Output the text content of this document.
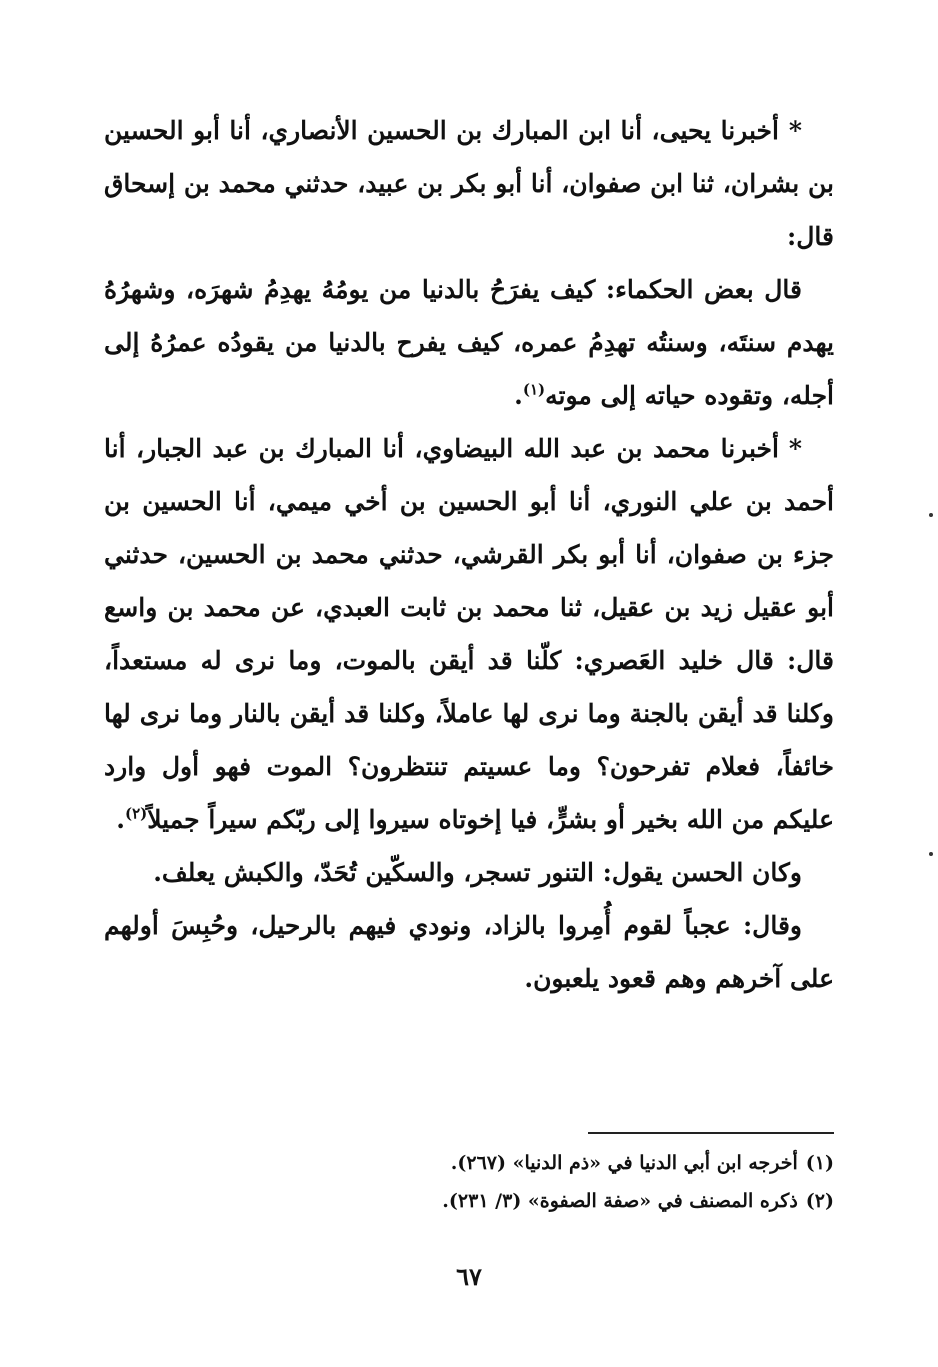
*أخبرنا يحيى، أنا ابن المبارك بن الحسين الأنصاري، أنا أبو الحسين بن بشران، ثنا ابن صفوان، أنا أبو بكر بن عبيد، حدثني محمد بن إسحاق قال:

قال بعض الحكماء: كيف يفرَحُ بالدنيا من يومُهُ يهدِمُ شهرَه، وشهرُهُ يهدم سنتَه، وسنتُه تهدِمُ عمره، كيف يفرح بالدنيا من يقودُه عمرُهُ إلى أجله، وتقوده حياته إلى موته$^{(١)}$.

*أخبرنا محمد بن عبد الله البيضاوي، أنا المبارك بن عبد الجبار، أنا أحمد بن علي النوري، أنا أبو الحسين بن أخي ميمي، أنا الحسين بن جزء بن صفوان، أنا أبو بكر القرشي، حدثني محمد بن الحسين، حدثني أبو عقيل زيد بن عقيل، ثنا محمد بن ثابت العبدي، عن محمد بن واسع قال: قال خليد العَصري: كلّنا قد أيقن بالموت، وما نرى له مستعداً، وكلنا قد أيقن بالجنة وما نرى لها عاملاً، وكلنا قد أيقن بالنار وما نرى لها خائفاً، فعلام تفرحون؟ وما عسيتم تنتظرون؟ الموت فهو أول وارد عليكم من الله بخير أو بشرٍّ، فيا إخوتاه سيروا إلى ربّكم سيراً جميلاً$^{(٢)}$.

وكان الحسن يقول: التنور تسجر، والسكّين تُحَدّ، والكبش يعلف.

وقال: عجباً لقوم أُمِروا بالزاد، ونودي فيهم بالرحيل، وحُبِسَ أولهم على آخرهم وهم قعود يلعبون.

(١)أخرجه ابن أبي الدنيا في «ذم الدنيا» (٢٦٧).
(٢)ذكره المصنف في «صفة الصفوة» (٣/ ٢٣١).
٦٧
